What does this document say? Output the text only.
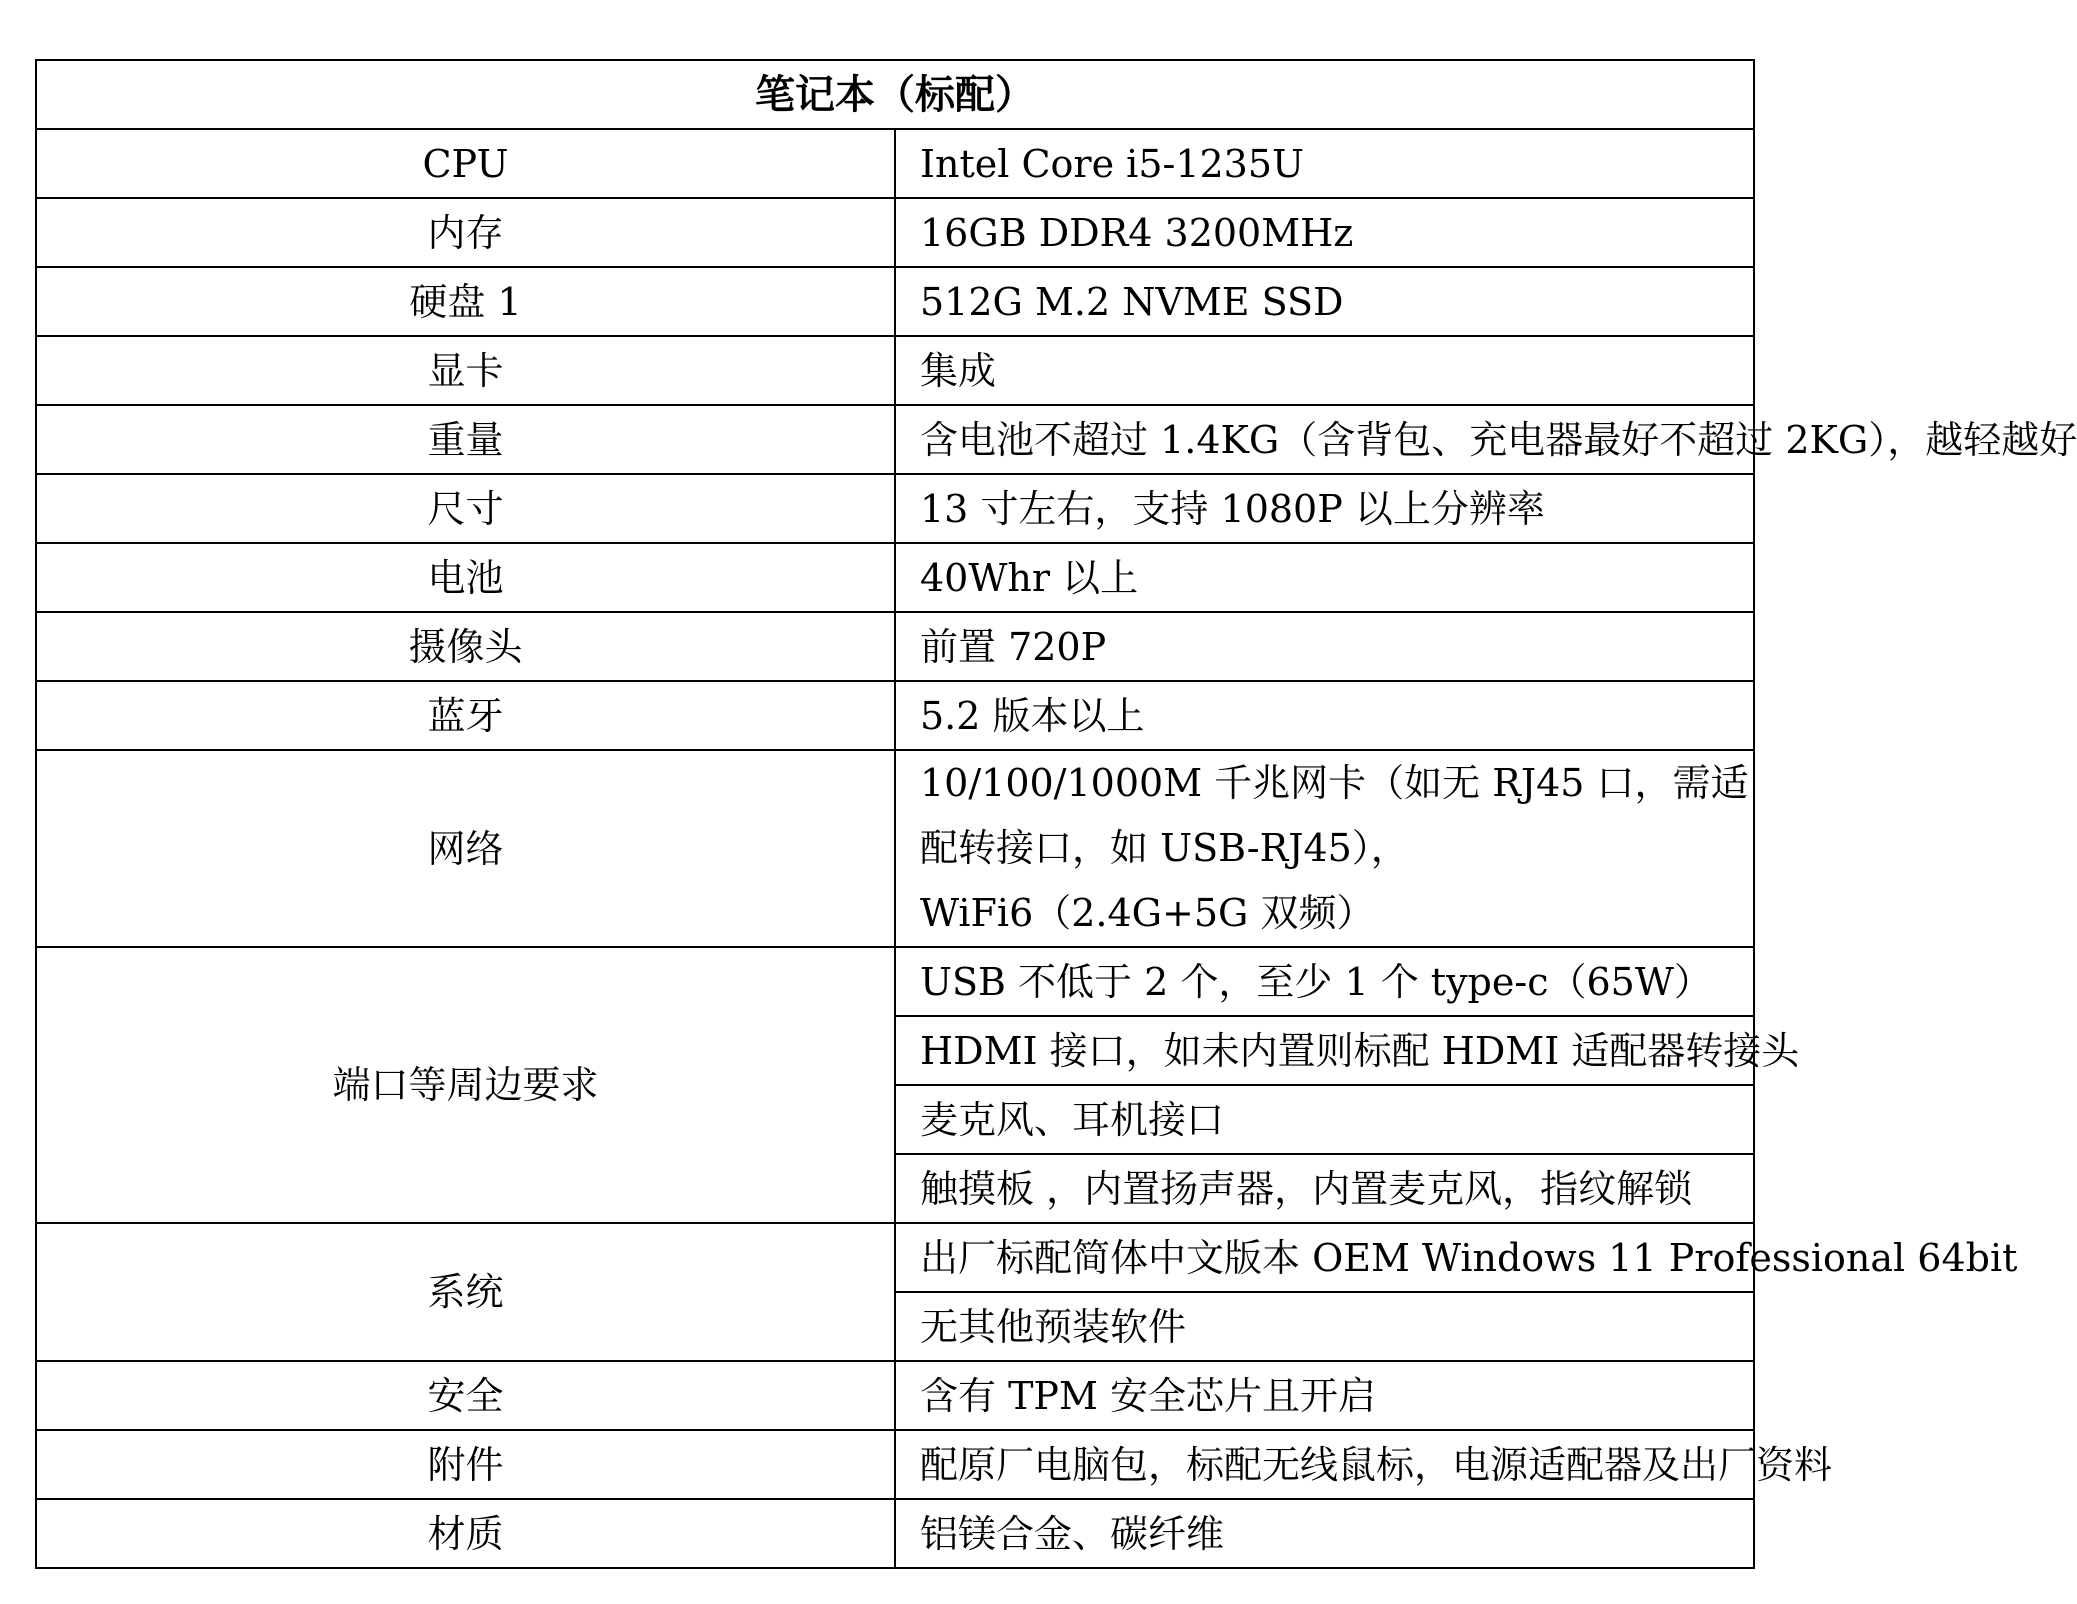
笔记本（标配）	
CPU	Intel Core i5-1235U
内存	16GB DDR4 3200MHz
硬盘 1	512G M.2 NVME SSD
显卡	集成
重量	含电池不超过 1.4KG（含背包、充电器最好不超过 2KG），越轻越好
尺寸	13 寸左右，支持 1080P 以上分辨率
电池	40Whr 以上
摄像头	前置 720P
蓝牙	5.2 版本以上
网络	10/100/1000M 千兆网卡（如无 RJ45 口，需适配转接口，如 USB-RJ45），
WiFi6（2.4G+5G 双频）

端口等周边要求	USB 不低于 2 个，至少 1 个 type-c（65W）
	HDMI 接口，如未内置则标配 HDMI 适配器转接头
	麦克风、耳机接口
	触摸板 ，内置扬声器，内置麦克风，指纹解锁
系统	出厂标配简体中文版本 OEM Windows 11 Professional 64bit
	无其他预装软件
安全	含有 TPM 安全芯片且开启
附件	配原厂电脑包，标配无线鼠标，电源适配器及出厂资料
材质	铝镁合金、碳纤维
